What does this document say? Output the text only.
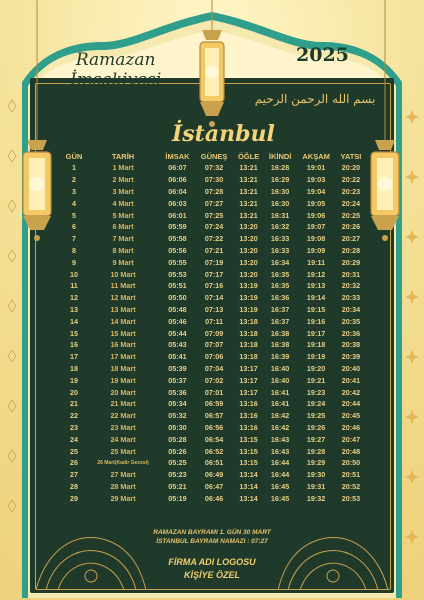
Ramazan
İmsakiyesi
2025
بسم الله الرحمن الرحيم
İstanbul
GÜN	TARİH	İMSAK	GÜNEŞ	ÖĞLE	İKİNDİ	AKŞAM	YATSI
1	1 Mart	06:07	07:32	13:21	16:28	19:01	20:20
2	2 Mart	06:06	07:30	13:21	16:29	19:03	20:22
3	3 Mart	06:04	07:28	13:21	16:30	19:04	20:23
4	4 Mart	06:03	07:27	13:21	16:30	19:05	20:24
5	5 Mart	06:01	07:25	13:21	16:31	19:06	20:25
6	6 Mart	05:59	07:24	13:20	16:32	19:07	20:26
7	7 Mart	05:58	07:22	13:20	16:33	19:08	20:27
8	8 Mart	05:56	07:21	13:20	16:33	19:09	20:28
9	9 Mart	05:55	07:19	13:20	16:34	19:11	20:29
10	10 Mart	05:53	07:17	13:20	16:35	19:12	20:31
11	11 Mart	05:51	07:16	13:19	16:35	19:13	20:32
12	12 Mart	05:50	07:14	13:19	16:36	19:14	20:33
13	13 Mart	05:48	07:13	13:19	16:37	19:15	20:34
14	14 Mart	05:46	07:11	13:18	16:37	19:16	20:35
15	15 Mart	05:44	07:09	13:18	16:38	19:17	20:36
16	16 Mart	05:43	07:07	13:18	16:38	19:18	20:38
17	17 Mart	05:41	07:06	13:18	16:39	19:19	20:39
18	18 Mart	05:39	07:04	13:17	16:40	19:20	20:40
19	19 Mart	05:37	07:02	13:17	16:40	19:21	20:41
20	20 Mart	05:36	07:01	13:17	16:41	19:23	20:42
21	21 Mart	05:34	06:59	13:16	16:41	19:24	20:44
22	22 Mart	05:32	06:57	13:16	16:42	19:25	20:45
23	23 Mart	05:30	06:56	13:16	16:42	19:26	20:46
24	24 Mart	05:28	06:54	13:15	16:43	19:27	20:47
25	25 Mart	05:26	06:52	13:15	16:43	19:28	20:48
26	26 Mart(Kadir Gecesi)	05:25	06:51	13:15	16:44	19:29	20:50
27	27 Mart	05:23	06:49	13:14	16:44	19:30	20:51
28	28 Mart	05:21	06:47	13:14	16:45	19:31	20:52
29	29 Mart	05:19	06:46	13:14	16:45	19:32	20:53
RAMAZAN BAYRAMI 1. GÜN 30 MART
İSTANBUL BAYRAM NAMAZI : 07:27
FİRMA ADI LOGOSU
KİŞİYE ÖZEL
